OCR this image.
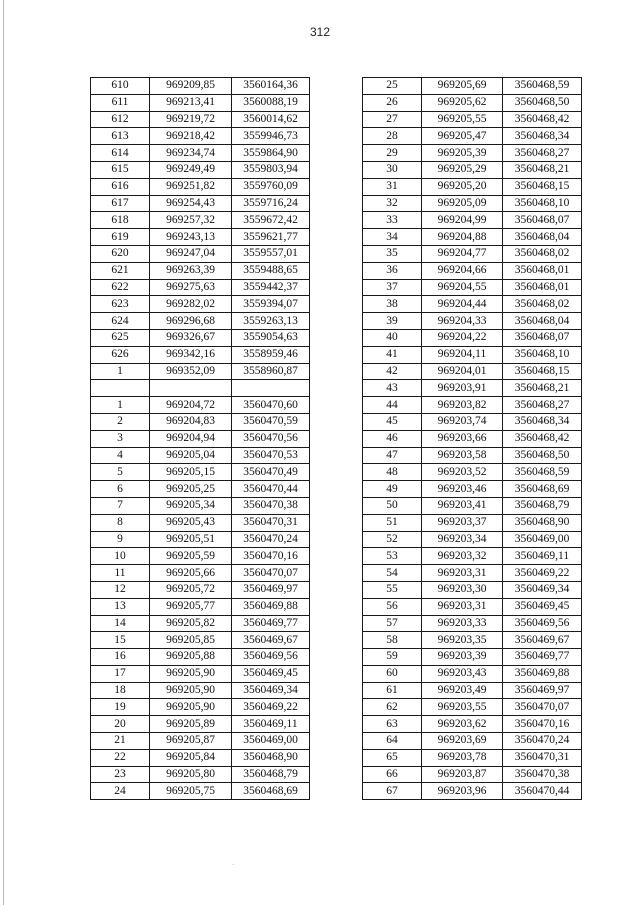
312
610	969209,85	3560164,36
611	969213,41	3560088,19
612	969219,72	3560014,62
613	969218,42	3559946,73
614	969234,74	3559864,90
615	969249,49	3559803,94
616	969251,82	3559760,09
617	969254,43	3559716,24
618	969257,32	3559672,42
619	969243,13	3559621,77
620	969247,04	3559557,01
621	969263,39	3559488,65
622	969275,63	3559442,37
623	969282,02	3559394,07
624	969296,68	3559263,13
625	969326,67	3559054,63
626	969342,16	3558959,46
1	969352,09	3558960,87

1	969204,72	3560470,60
2	969204,83	3560470,59
3	969204,94	3560470,56
4	969205,04	3560470,53
5	969205,15	3560470,49
6	969205,25	3560470,44
7	969205,34	3560470,38
8	969205,43	3560470,31
9	969205,51	3560470,24
10	969205,59	3560470,16
11	969205,66	3560470,07
12	969205,72	3560469,97
13	969205,77	3560469,88
14	969205,82	3560469,77
15	969205,85	3560469,67
16	969205,88	3560469,56
17	969205,90	3560469,45
18	969205,90	3560469,34
19	969205,90	3560469,22
20	969205,89	3560469,11
21	969205,87	3560469,00
22	969205,84	3560468,90
23	969205,80	3560468,79
24	969205,75	3560468,69
25	969205,69	3560468,59
26	969205,62	3560468,50
27	969205,55	3560468,42
28	969205,47	3560468,34
29	969205,39	3560468,27
30	969205,29	3560468,21
31	969205,20	3560468,15
32	969205,09	3560468,10
33	969204,99	3560468,07
34	969204,88	3560468,04
35	969204,77	3560468,02
36	969204,66	3560468,01
37	969204,55	3560468,01
38	969204,44	3560468,02
39	969204,33	3560468,04
40	969204,22	3560468,07
41	969204,11	3560468,10
42	969204,01	3560468,15
43	969203,91	3560468,21
44	969203,82	3560468,27
45	969203,74	3560468,34
46	969203,66	3560468,42
47	969203,58	3560468,50
48	969203,52	3560468,59
49	969203,46	3560468,69
50	969203,41	3560468,79
51	969203,37	3560468,90
52	969203,34	3560469,00
53	969203,32	3560469,11
54	969203,31	3560469,22
55	969203,30	3560469,34
56	969203,31	3560469,45
57	969203,33	3560469,56
58	969203,35	3560469,67
59	969203,39	3560469,77
60	969203,43	3560469,88
61	969203,49	3560469,97
62	969203,55	3560470,07
63	969203,62	3560470,16
64	969203,69	3560470,24
65	969203,78	3560470,31
66	969203,87	3560470,38
67	969203,96	3560470,44
·
